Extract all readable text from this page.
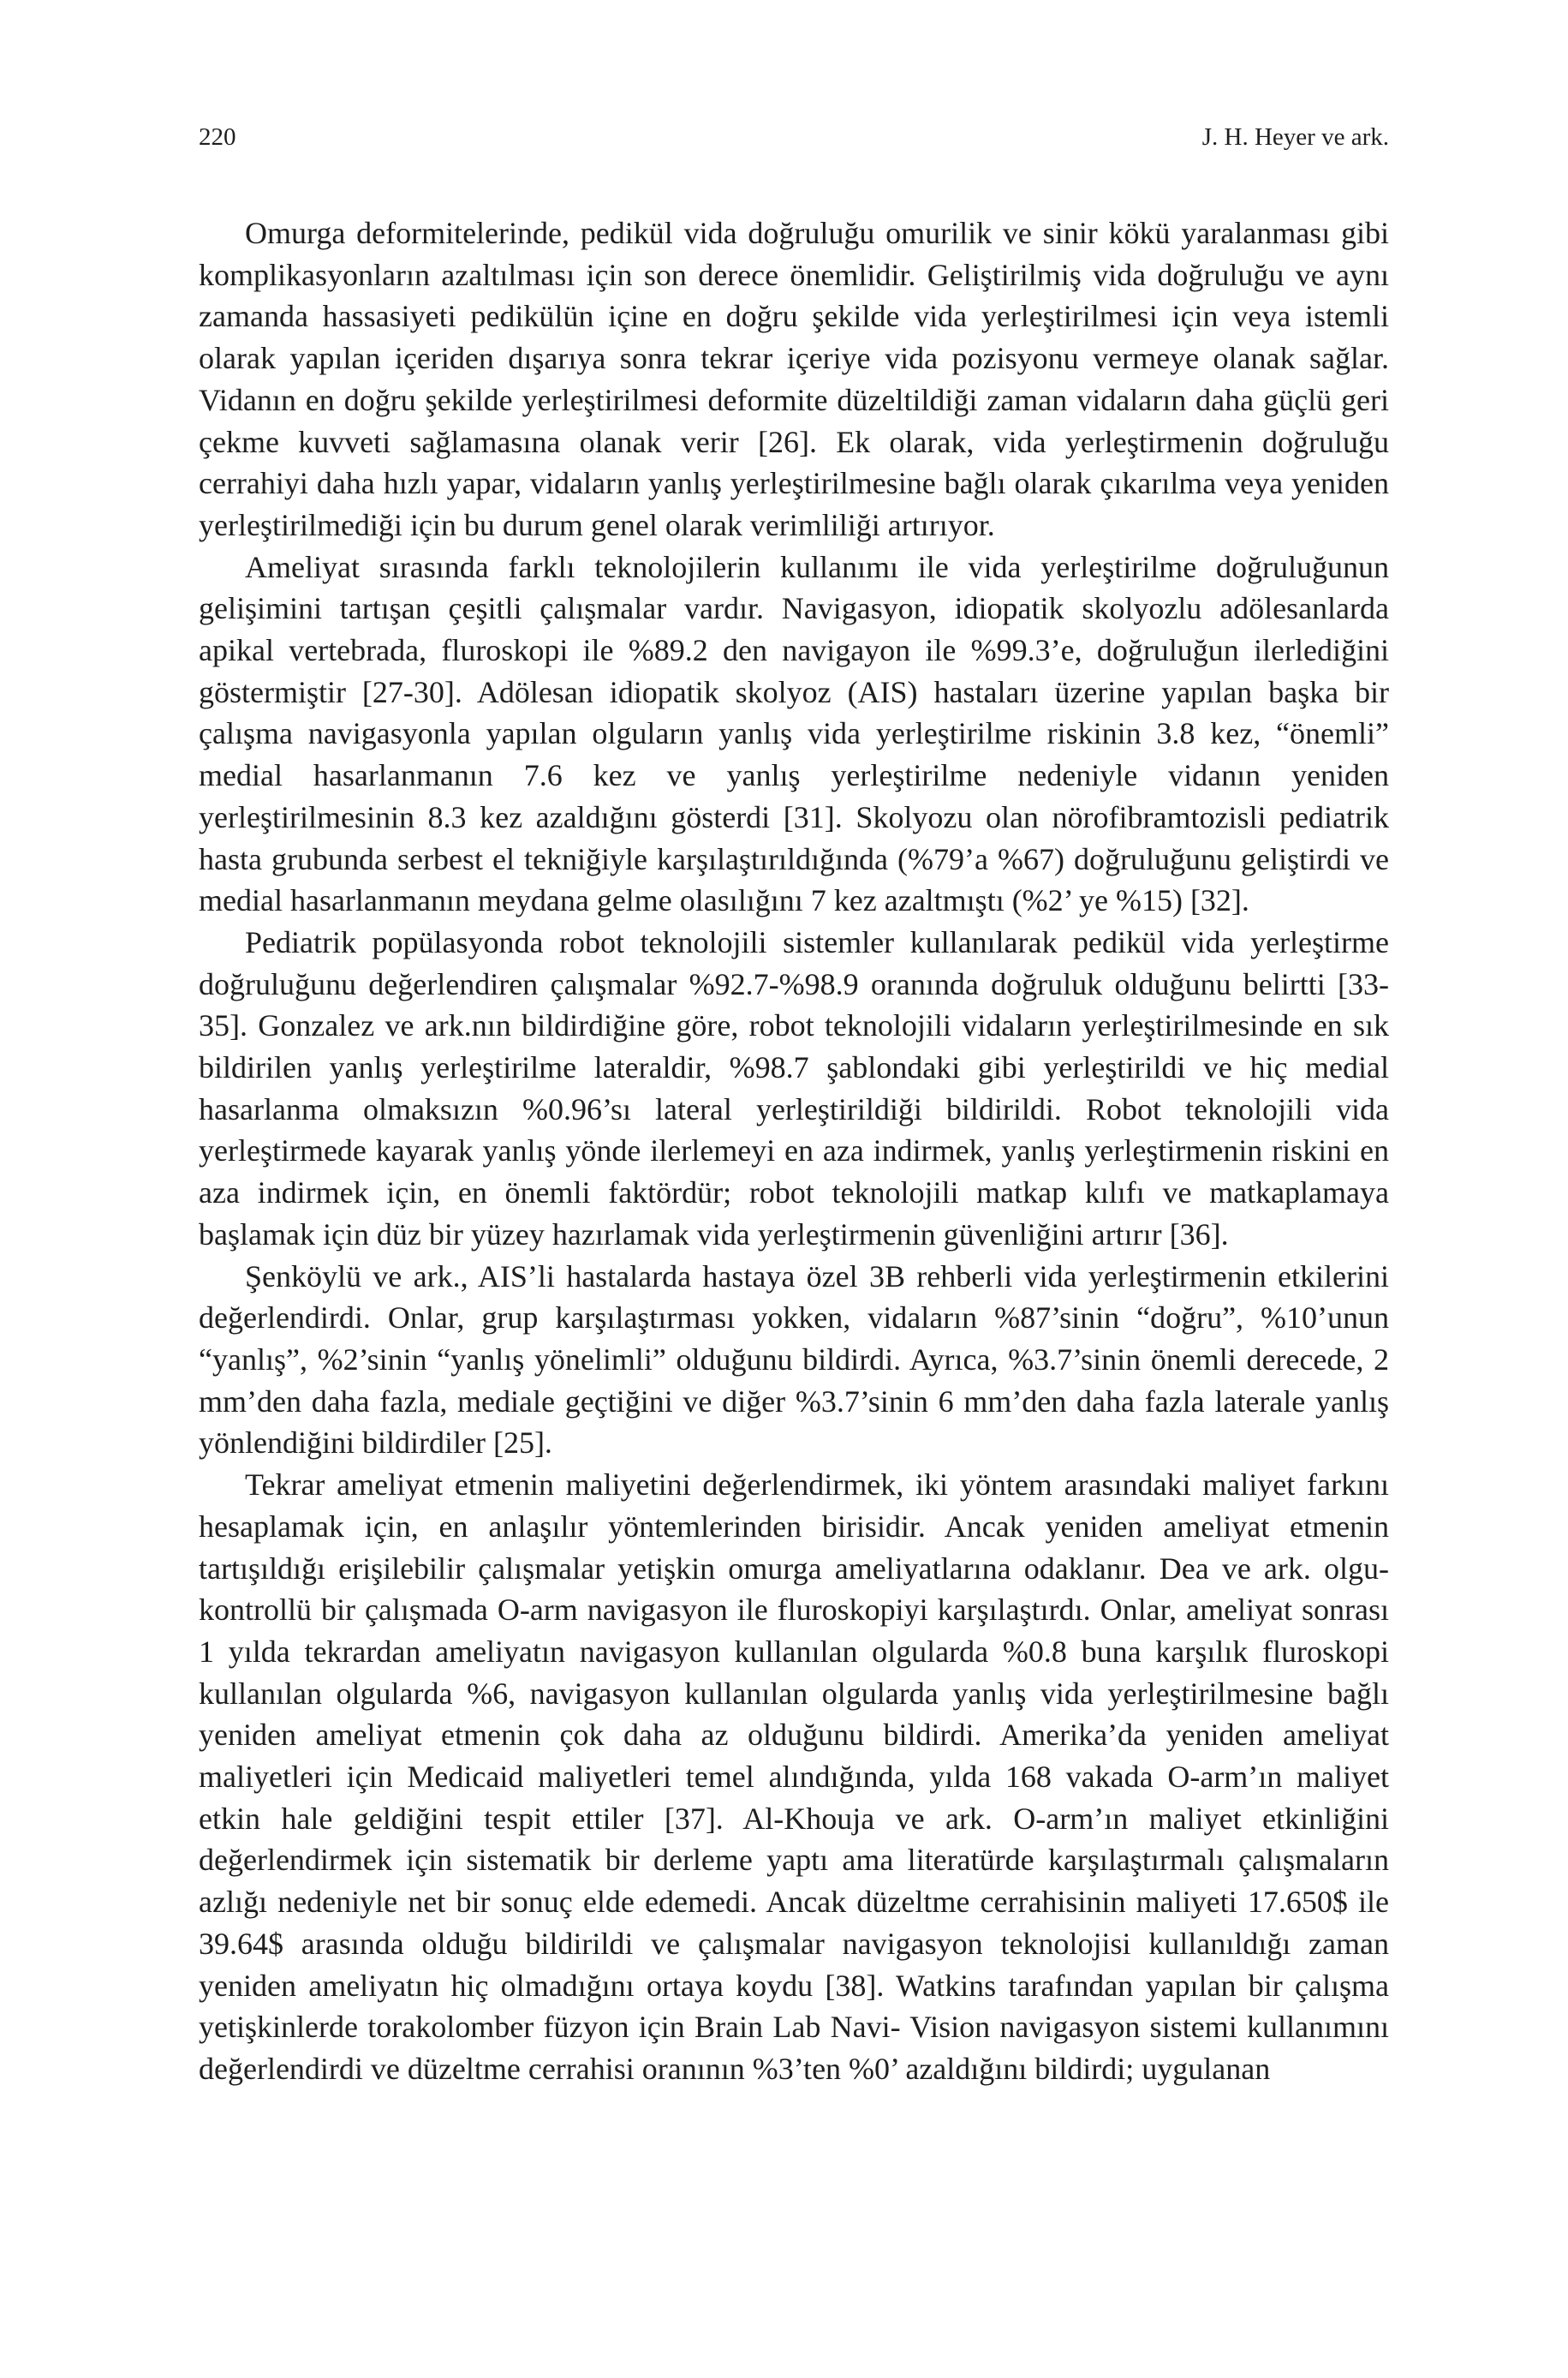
220	J. H. Heyer ve ark.

Omurga deformitelerinde, pedikül vida doğruluğu omurilik ve sinir kökü yaralanması gibi komplikasyonların azaltılması için son derece önemlidir. Geliştirilmiş vida doğruluğu ve aynı zamanda hassasiyeti pedikülün içine en doğru şekilde vida yerleştirilmesi için veya istemli olarak yapılan içeriden dışarıya sonra tekrar içeriye vida pozisyonu vermeye olanak sağlar. Vidanın en doğru şekilde yerleştirilmesi deformite düzeltildiği zaman vidaların daha güçlü geri çekme kuvveti sağlamasına olanak verir [26]. Ek olarak, vida yerleştirmenin doğruluğu cerrahiyi daha hızlı yapar, vidaların yanlış yerleştirilmesine bağlı olarak çıkarılma veya yeniden yerleştirilmediği için bu durum genel olarak verimliliği artırıyor.

Ameliyat sırasında farklı teknolojilerin kullanımı ile vida yerleştirilme doğruluğunun gelişimini tartışan çeşitli çalışmalar vardır. Navigasyon, idiopatik skolyozlu adölesanlarda apikal vertebrada, fluroskopi ile %89.2 den navigayon ile %99.3’e, doğruluğun ilerlediğini göstermiştir [27-30]. Adölesan idiopatik skolyoz (AIS) hastaları üzerine yapılan başka bir çalışma navigasyonla yapılan olguların yanlış vida yerleştirilme riskinin 3.8 kez, “önemli” medial hasarlanmanın 7.6 kez ve yanlış yerleştirilme nedeniyle vidanın yeniden yerleştirilmesinin 8.3 kez azaldığını gösterdi [31]. Skolyozu olan nörofibramtozisli pediatrik hasta grubunda serbest el tekniğiyle karşılaştırıldığında (%79’a %67) doğruluğunu geliştirdi ve medial hasarlanmanın meydana gelme olasılığını 7 kez azaltmıştı (%2’ ye %15) [32].

Pediatrik popülasyonda robot teknolojili sistemler kullanılarak pedikül vida yerleştirme doğruluğunu değerlendiren çalışmalar %92.7-%98.9 oranında doğruluk olduğunu belirtti [33-35]. Gonzalez ve ark.nın bildirdiğine göre, robot teknolojili vidaların yerleştirilmesinde en sık bildirilen yanlış yerleştirilme lateraldir, %98.7 şablondaki gibi yerleştirildi ve hiç medial hasarlanma olmaksızın %0.96’sı lateral yerleştirildiği bildirildi. Robot teknolojili vida yerleştirmede kayarak yanlış yönde ilerlemeyi en aza indirmek, yanlış yerleştirmenin riskini en aza indirmek için, en önemli faktördür; robot teknolojili matkap kılıfı ve matkaplamaya başlamak için düz bir yüzey hazırlamak vida yerleştirmenin güvenliğini artırır [36].

Şenköylü ve ark., AIS’li hastalarda hastaya özel 3B rehberli vida yerleştirmenin etkilerini değerlendirdi. Onlar, grup karşılaştırması yokken, vidaların %87’sinin “doğru”, %10’unun “yanlış”, %2’sinin “yanlış yönelimli” olduğunu bildirdi. Ayrıca, %3.7’sinin önemli derecede, 2 mm’den daha fazla, mediale geçtiğini ve diğer %3.7’sinin 6 mm’den daha fazla laterale yanlış yönlendiğini bildirdiler [25].

Tekrar ameliyat etmenin maliyetini değerlendirmek, iki yöntem arasındaki maliyet farkını hesaplamak için, en anlaşılır yöntemlerinden birisidir. Ancak yeniden ameliyat etmenin tartışıldığı erişilebilir çalışmalar yetişkin omurga ameliyatlarına odaklanır. Dea ve ark. olgu-kontrollü bir çalışmada O-arm navigasyon ile fluroskopiyi karşılaştırdı. Onlar, ameliyat sonrası 1 yılda tekrardan ameliyatın navigasyon kullanılan olgularda %0.8 buna karşılık fluroskopi kullanılan olgularda %6, navigasyon kullanılan olgularda yanlış vida yerleştirilmesine bağlı yeniden ameliyat etmenin çok daha az olduğunu bildirdi. Amerika’da yeniden ameliyat maliyetleri için Medicaid maliyetleri temel alındığında, yılda 168 vakada O-arm’ın maliyet etkin hale geldiğini tespit ettiler [37]. Al-Khouja ve ark. O-arm’ın maliyet etkinliğini değerlendirmek için sistematik bir derleme yaptı ama literatürde karşılaştırmalı çalışmaların azlığı nedeniyle net bir sonuç elde edemedi. Ancak düzeltme cerrahisinin maliyeti 17.650$ ile 39.64$ arasında olduğu bildirildi ve çalışmalar navigasyon teknolojisi kullanıldığı zaman yeniden ameliyatın hiç olmadığını ortaya koydu [38]. Watkins tarafından yapılan bir çalışma yetişkinlerde torakolomber füzyon için Brain Lab Navi- Vision navigasyon sistemi kullanımını değerlendirdi ve düzeltme cerrahisi oranının %3’ten %0’ azaldığını bildirdi; uygulanan
